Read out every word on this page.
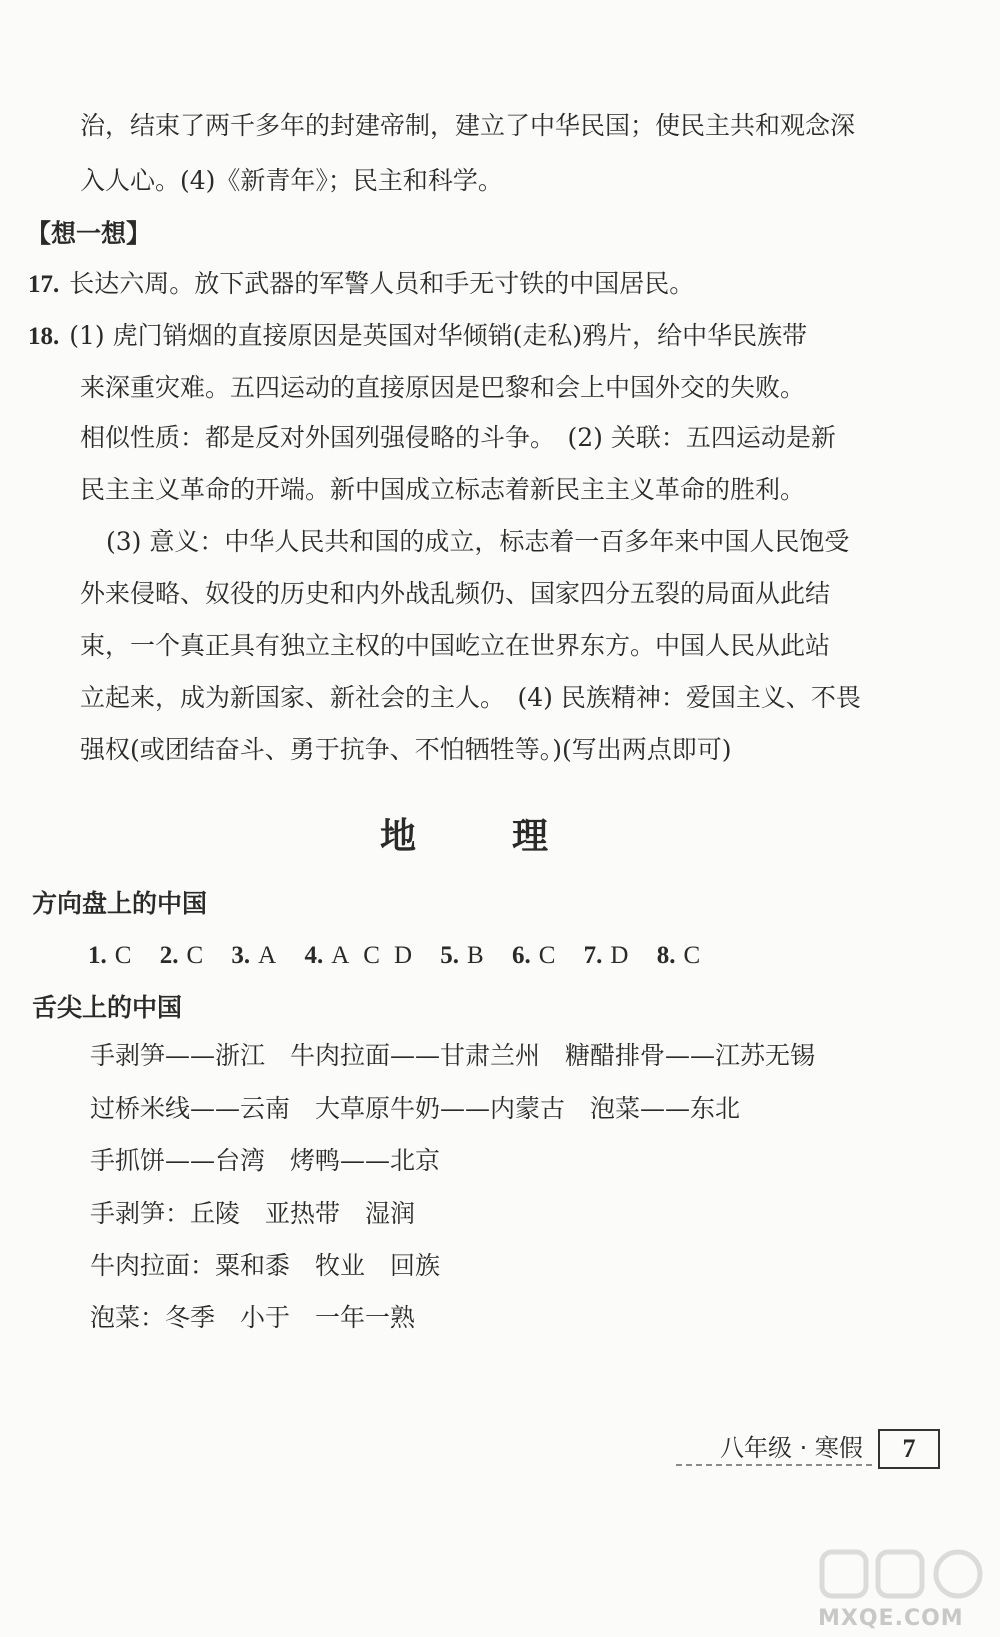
治，结束了两千多年的封建帝制，建立了中华民国；使民主共和观念深
入人心。(4)《新青年》；民主和科学。
【想一想】
17. 长达六周。放下武器的军警人员和手无寸铁的中国居民。
18. (1) 虎门销烟的直接原因是英国对华倾销(走私)鸦片，给中华民族带
来深重灾难。五四运动的直接原因是巴黎和会上中国外交的失败。
相似性质：都是反对外国列强侵略的斗争。　(2) 关联：五四运动是新
民主主义革命的开端。新中国成立标志着新民主主义革命的胜利。
(3) 意义：中华人民共和国的成立，标志着一百多年来中国人民饱受
外来侵略、奴役的历史和内外战乱频仍、国家四分五裂的局面从此结
束，一个真正具有独立主权的中国屹立在世界东方。中国人民从此站
立起来，成为新国家、新社会的主人。　(4) 民族精神：爱国主义、不畏
强权(或团结奋斗、勇于抗争、不怕牺牲等。)(写出两点即可)
地	理
方向盘上的中国
1. C 2. C 3. A 4. A C D 5. B 6. C 7. D 8. C
舌尖上的中国
手剥笋——浙江　牛肉拉面——甘肃兰州　糖醋排骨——江苏无锡
过桥米线——云南　大草原牛奶——内蒙古　泡菜——东北
手抓饼——台湾　烤鸭——北京
手剥笋：丘陵　亚热带　湿润
牛肉拉面：粟和黍　牧业　回族
泡菜：冬季　小于　一年一熟
八年级 · 寒假	7
MXQE.COM
